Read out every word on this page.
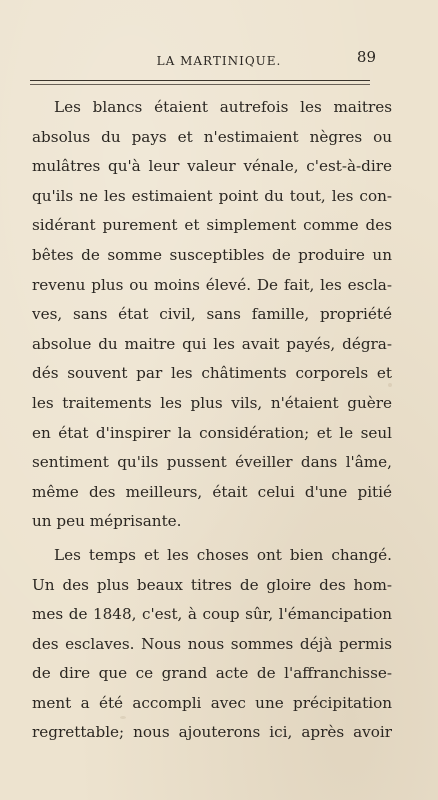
LA MARTINIQUE.	89
Les blancs étaient autrefois les maitres
absolus du pays et n'estimaient nègres ou
mulâtres qu'à leur valeur vénale, c'est-à-dire
qu'ils ne les estimaient point du tout, les con-
sidérant purement et simplement comme des
bêtes de somme susceptibles de produire un
revenu plus ou moins élevé. De fait, les escla-
ves, sans état civil, sans famille, propriété
absolue du maitre qui les avait payés, dégra-
dés souvent par les châtiments corporels et
les traitements les plus vils, n'étaient guère
en état d'inspirer la considération; et le seul
sentiment qu'ils pussent éveiller dans l'âme,
même des meilleurs, était celui d'une pitié
un peu méprisante.
Les temps et les choses ont bien changé.
Un des plus beaux titres de gloire des hom-
mes de 1848, c'est, à coup sûr, l'émancipation
des esclaves. Nous nous sommes déjà permis
de dire que ce grand acte de l'affranchisse-
ment a été accompli avec une précipitation
regrettable; nous ajouterons ici, après avoir
